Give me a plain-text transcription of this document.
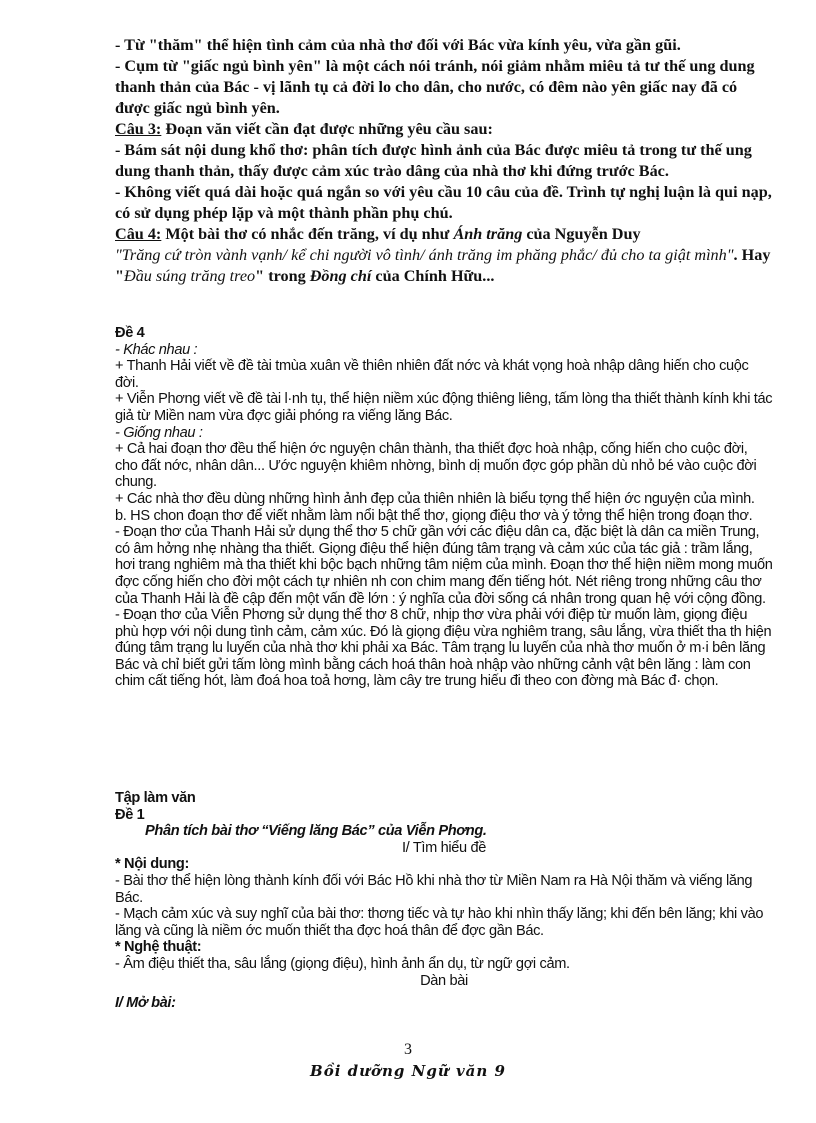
- Từ "thăm" thể hiện tình cảm của nhà thơ đối với Bác vừa kính yêu, vừa gần gũi.

- Cụm từ "giấc ngủ bình yên" là một cách nói tránh, nói giảm nhằm miêu tả tư thế ung dung thanh thản của Bác - vị lãnh tụ cả đời lo cho dân, cho nước, có đêm nào yên giấc nay đã có được giấc ngủ bình yên.

Câu 3: Đoạn văn viết cần đạt được những yêu cầu sau:

- Bám sát nội dung khổ thơ: phân tích được hình ảnh của Bác được miêu tả trong tư thế ung dung thanh thản, thấy được cảm xúc trào dâng của nhà thơ khi đứng trước Bác.

- Không viết quá dài hoặc quá ngắn so với yêu cầu 10 câu của đề. Trình tự nghị luận là qui nạp, có sử dụng phép lặp và một thành phần phụ chú.

Câu 4: Một bài thơ có nhắc đến trăng, ví dụ như Ánh trăng của Nguyễn Duy
"Trăng cứ tròn vành vạnh/ kể chi người vô tình/ ánh trăng im phăng phắc/ đủ cho ta giật mình". Hay "Đầu súng trăng treo" trong Đồng chí của Chính Hữu...

Đề 4

- Khác nhau :

+ Thanh Hải viết về đề tài tmùa xuân về thiên nhiên đất nớc và khát vọng hoà nhập dâng hiến cho cuộc đời.

+ Viễn Phơng viết về đề tài l·nh tụ, thể hiện niềm xúc động thiêng liêng, tấm lòng tha thiết thành kính khi tác giả từ Miền nam vừa đợc giải phóng ra viếng lăng Bác.

- Giống nhau :

+ Cả hai đoạn thơ đều thể hiện ớc nguyện chân thành, tha thiết đợc hoà nhập, cống hiến cho cuộc đời, cho đất nớc, nhân dân... Ước nguyện khiêm nhờng, bình dị muốn đợc góp phần dù nhỏ bé vào cuộc đời chung.

+ Các nhà thơ đều dùng những hình ảnh đẹp của thiên nhiên là biểu tợng thể hiện ớc nguyện của mình.

b. HS chon đoạn thơ để viết nhằm làm nổi bật thể thơ, giọng điệu thơ và ý tởng thể hiện trong đoạn thơ.

- Đoạn thơ của Thanh Hải sử dụng thể thơ 5 chữ gần với các điệu dân ca, đặc biệt là dân ca miền Trung, có âm hởng nhẹ nhàng tha thiết. Giọng điệu thể hiện đúng tâm trạng và cảm xúc của tác giả : trầm lắng, hơi trang nghiêm mà tha thiết khi bộc bạch những tâm niệm của mình. Đoạn thơ thể hiện niềm mong muốn đợc cống hiến cho đời một cách tự nhiên nh con chim mang đến tiếng hót. Nét riêng trong những câu thơ của Thanh Hải là đề cập đến một vấn đề lớn : ý nghĩa của đời sống cá nhân trong quan hệ với cộng đồng.

- Đoạn thơ của Viễn Phơng sử dụng thể thơ 8 chữ, nhịp thơ vừa phải với điệp từ muốn làm, giọng điệu phù hợp với nội dung tình cảm, cảm xúc. Đó là giọng điệu vừa nghiêm trang, sâu lắng, vừa thiết tha th hiện đúng tâm trạng lu luyến của nhà thơ khi phải xa Bác. Tâm trạng lu luyến của nhà thơ muốn ở m·i bên lăng Bác và chỉ biết gửi tấm lòng mình bằng cách hoá thân hoà nhập vào những cảnh vật bên lăng : làm con chim cất tiếng hót, làm đoá hoa toả hơng, làm cây tre trung hiếu đi theo con đờng mà Bác đ· chọn.

Tập làm văn

Đề 1

Phân tích bài thơ “Viếng lăng Bác” của Viễn Phơng.

I/ Tìm hiểu đề

* Nội dung:

- Bài thơ thể hiện lòng thành kính đối với Bác Hồ khi nhà thơ từ Miền Nam ra Hà Nội thăm và viếng lăng Bác.

- Mạch cảm xúc và suy nghĩ của bài thơ: thơng tiếc và tự hào khi nhìn thấy lăng; khi đến bên lăng; khi vào lăng và cũng là niềm ớc muốn thiết tha đợc hoá thân để đợc gần Bác.

* Nghệ thuật:

- Âm điệu thiết tha, sâu lắng (giọng điệu), hình ảnh ẩn dụ, từ ngữ gợi cảm.

Dàn bài

I/ Mở bài:

3
Bồi dưỡng Ngữ văn 9
